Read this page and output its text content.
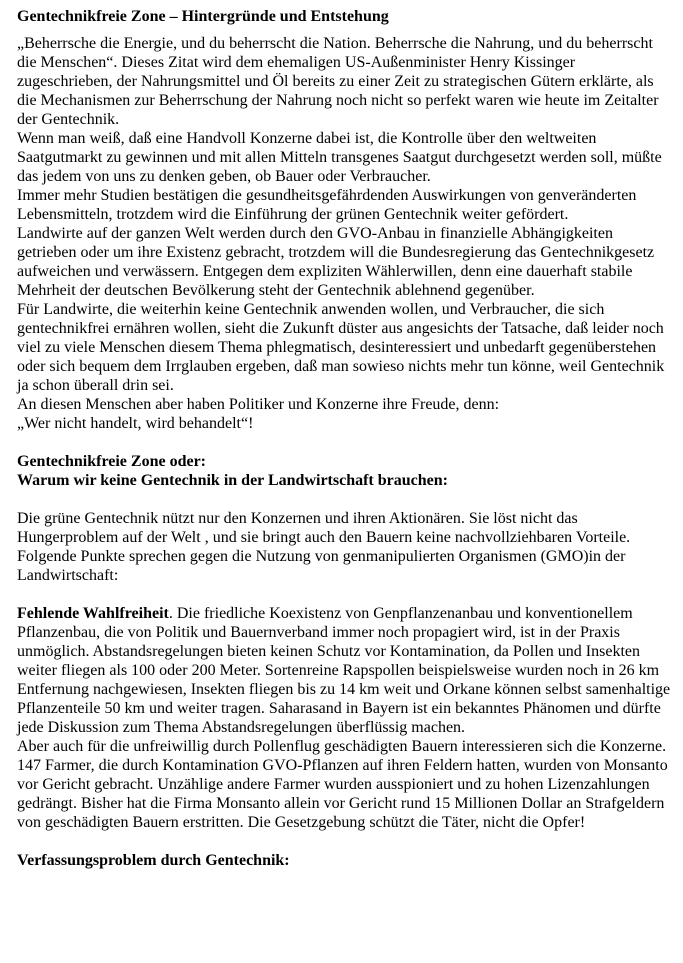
Gentechnikfreie Zone – Hintergründe und Entstehung

„Beherrsche die Energie, und du beherrscht die Nation. Beherrsche die Nahrung, und du beherrscht die Menschen“. Dieses Zitat wird dem ehemaligen US-Außenminister Henry Kissinger zugeschrieben, der Nahrungsmittel und Öl bereits zu einer Zeit zu strategischen Gütern erklärte, als die Mechanismen zur Beherrschung der Nahrung noch nicht so perfekt waren wie heute im Zeitalter der Gentechnik.

Wenn man weiß, daß eine Handvoll Konzerne dabei ist, die Kontrolle über den weltweiten Saatgutmarkt zu gewinnen und mit allen Mitteln transgenes Saatgut durchgesetzt werden soll, müßte das jedem von uns zu denken geben, ob Bauer oder Verbraucher.

Immer mehr Studien bestätigen die gesundheitsgefährdenden Auswirkungen von genveränderten Lebensmitteln, trotzdem wird die Einführung der grünen Gentechnik weiter gefördert.

Landwirte auf der ganzen Welt werden durch den GVO-Anbau in finanzielle Abhängigkeiten getrieben oder um ihre Existenz gebracht, trotzdem will die Bundesregierung das Gentechnikgesetz aufweichen und verwässern. Entgegen dem expliziten Wählerwillen, denn eine dauerhaft stabile Mehrheit der deutschen Bevölkerung steht der Gentechnik ablehnend gegenüber.

Für Landwirte, die weiterhin keine Gentechnik anwenden wollen, und Verbraucher, die sich gentechnikfrei ernähren wollen, sieht die Zukunft düster aus angesichts der Tatsache, daß leider noch viel zu viele Menschen diesem Thema phlegmatisch, desinteressiert und unbedarft gegenüberstehen oder sich bequem dem Irrglauben ergeben, daß man sowieso nichts mehr tun könne, weil Gentechnik ja schon überall drin sei.

An diesen Menschen aber haben Politiker und Konzerne ihre Freude, denn:

„Wer nicht handelt, wird behandelt“!

Gentechnikfreie Zone oder:

Warum wir keine Gentechnik in der Landwirtschaft brauchen:

Die grüne Gentechnik nützt nur den Konzernen und ihren Aktionären. Sie löst nicht das Hungerproblem auf der Welt , und sie bringt auch den Bauern keine nachvollziehbaren Vorteile. Folgende Punkte sprechen gegen die Nutzung von genmanipulierten Organismen (GMO)in der Landwirtschaft:

Fehlende Wahlfreiheit. Die friedliche Koexistenz von Genpflanzenanbau und konventionellem Pflanzenbau, die von Politik und Bauernverband immer noch propagiert wird, ist in der Praxis unmöglich. Abstandsregelungen bieten keinen Schutz vor Kontamination, da Pollen und Insekten weiter fliegen als 100 oder 200 Meter. Sortenreine Rapspollen beispielsweise wurden noch in 26 km Entfernung nachgewiesen, Insekten fliegen bis zu 14 km weit und Orkane können selbst samenhaltige Pflanzenteile 50 km und weiter tragen. Saharasand in Bayern ist ein bekanntes Phänomen und dürfte jede Diskussion zum Thema Abstandsregelungen überflüssig machen.

Aber auch für die unfreiwillig durch Pollenflug geschädigten Bauern interessieren sich die Konzerne. 147 Farmer, die durch Kontamination GVO-Pflanzen auf ihren Feldern hatten, wurden von Monsanto vor Gericht gebracht. Unzählige andere Farmer wurden ausspioniert und zu hohen Lizenzahlungen gedrängt. Bisher hat die Firma Monsanto allein vor Gericht rund 15 Millionen Dollar an Strafgeldern von geschädigten Bauern erstritten. Die Gesetzgebung schützt die Täter, nicht die Opfer!

Verfassungsproblem durch Gentechnik:
